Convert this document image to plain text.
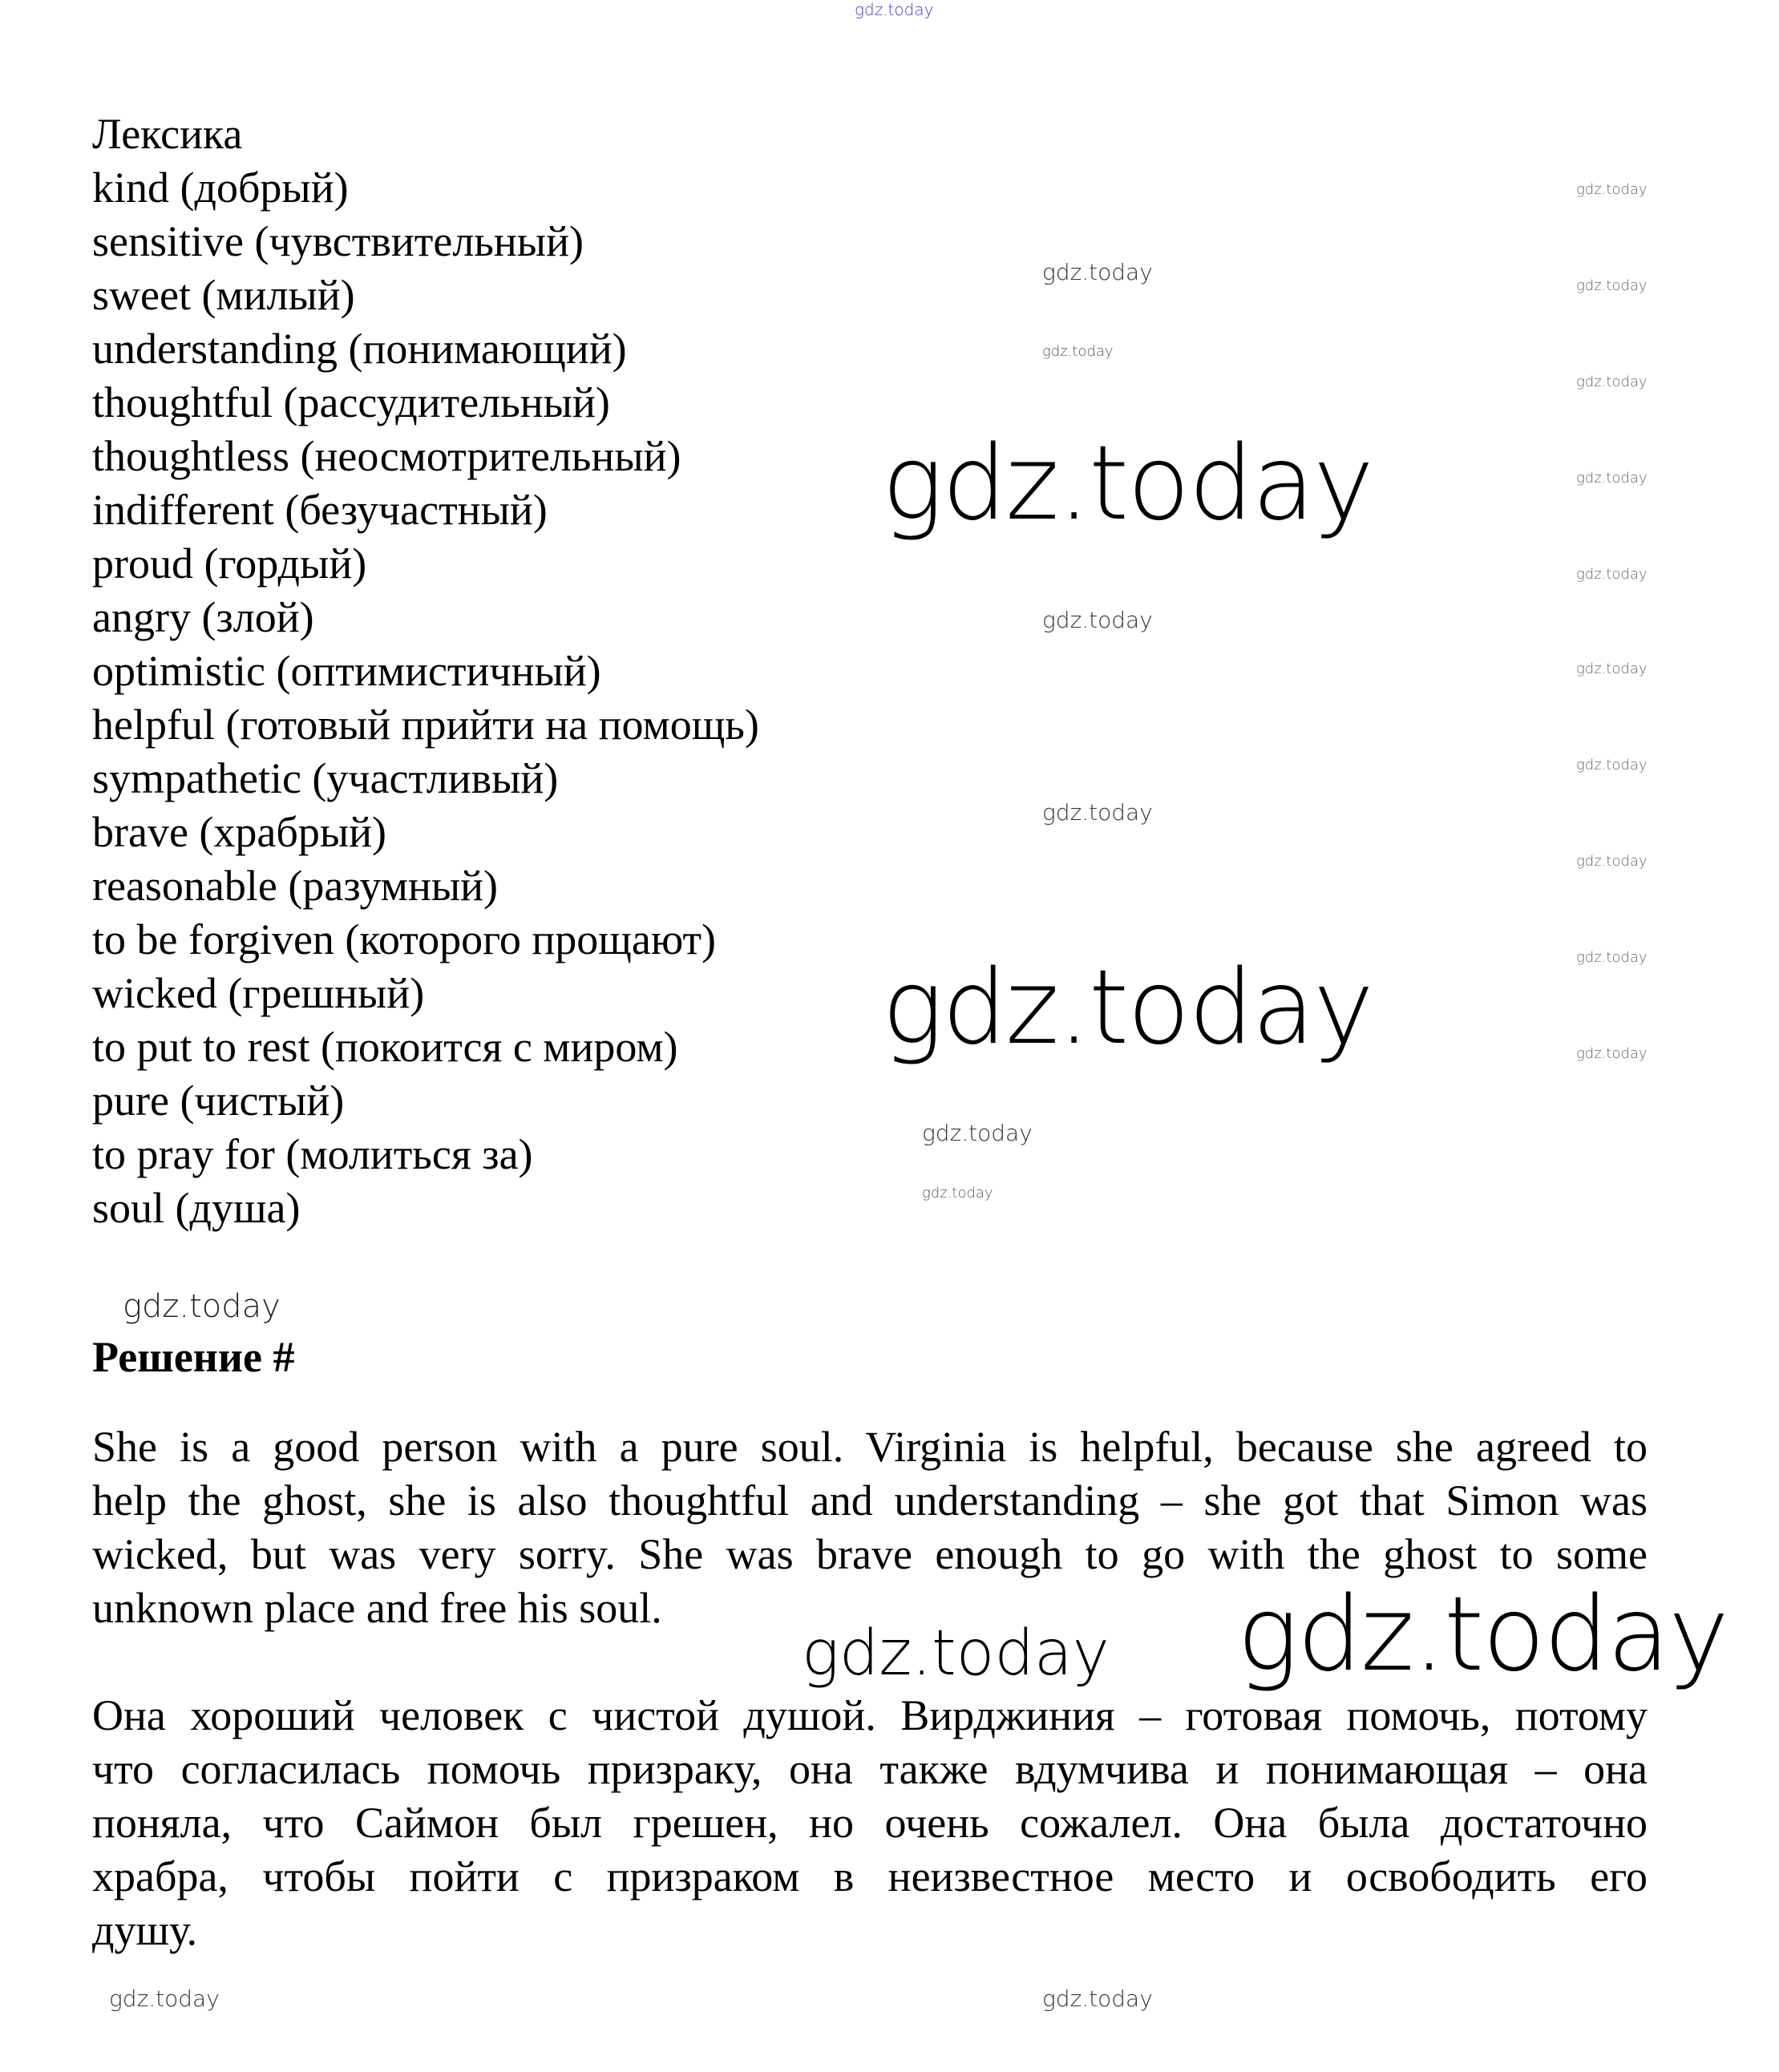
gdz.today
Лексика
kind (добрый)
sensitive (чувствительный)
sweet (милый)
understanding (понимающий)
thoughtful (рассудительный)
thoughtless (неосмотрительный)
indifferent (безучастный)
proud (гордый)
angry (злой)
optimistic (оптимистичный)
helpful (готовый прийти на помощь)
sympathetic (участливый)
brave (храбрый)
reasonable (разумный)
to be forgiven (которого прощают)
wicked (грешный)
to put to rest (покоится с миром)
pure (чистый)
to pray for (молиться за)
soul (душа)
Решение #
She is a good person with a pure soul. Virginia is helpful, because she agreed to
help the ghost, she is also thoughtful and understanding – she got that Simon was
wicked, but was very sorry. She was brave enough to go with the ghost to some
unknown place and free his soul.
Она хороший человек с чистой душой. Вирджиния – готовая помочь, потому
что согласилась помочь призраку, она также вдумчива и понимающая – она
поняла, что Саймон был грешен, но очень сожалел. Она была достаточно
храбра, чтобы пойти с призраком в неизвестное место и освободить его
душу.
gdz.today
gdz.today
gdz.today
gdz.today
gdz.today
gdz.today
gdz.today
gdz.today
gdz.today
gdz.today
gdz.today
gdz.today
gdz.today
gdz.today
gdz.today
gdz.today
gdz.today
gdz.today
gdz.today
gdz.today
gdz.today
gdz.today
gdz.today
